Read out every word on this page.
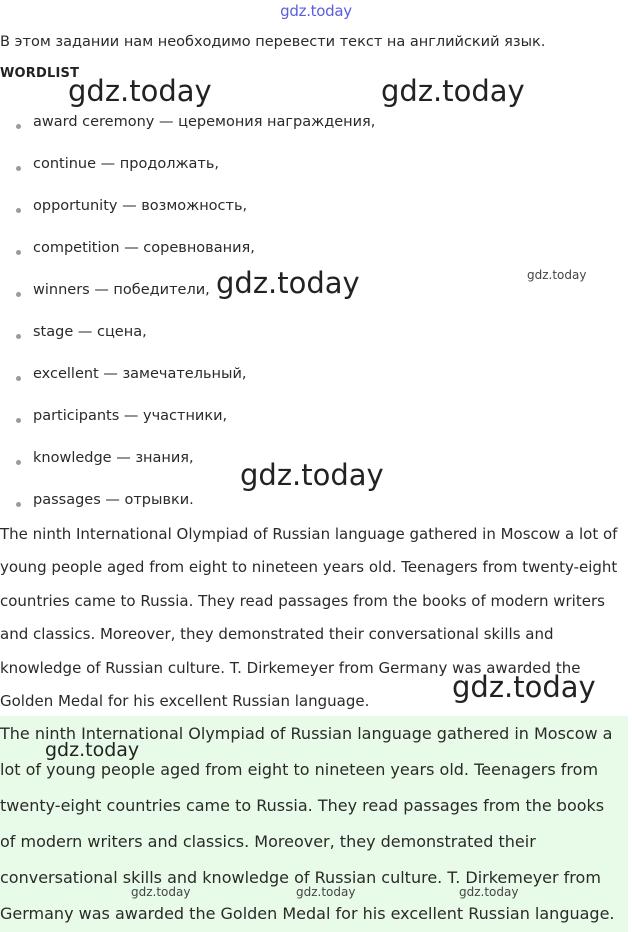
gdz.today
В этом задании нам необходимо перевести текст на английский язык.
WORDLIST
award ceremony — церемония награждения,
continue — продолжать,
opportunity — возможность,
competition — соревнования,
winners — победители,
stage — сцена,
excellent — замечательный,
participants — участники,
knowledge — знания,
passages — отрывки.
The ninth International Olympiad of Russian language gathered in Moscow a lot of
young people aged from eight to nineteen years old. Teenagers from twenty-eight
countries came to Russia. They read passages from the books of modern writers
and classics. Moreover, they demonstrated their conversational skills and
knowledge of Russian culture. T. Dirkemeyer from Germany was awarded the
Golden Medal for his excellent Russian language.
The ninth International Olympiad of Russian language gathered in Moscow a
lot of young people aged from eight to nineteen years old. Teenagers from
twenty-eight countries came to Russia. They read passages from the books
of modern writers and classics. Moreover, they demonstrated their
conversational skills and knowledge of Russian culture. T. Dirkemeyer from
Germany was awarded the Golden Medal for his excellent Russian language.
gdz.today	gdz.today
gdz.today	gdz.today
gdz.today
gdz.today
gdz.today
gdz.today	gdz.today	gdz.today
